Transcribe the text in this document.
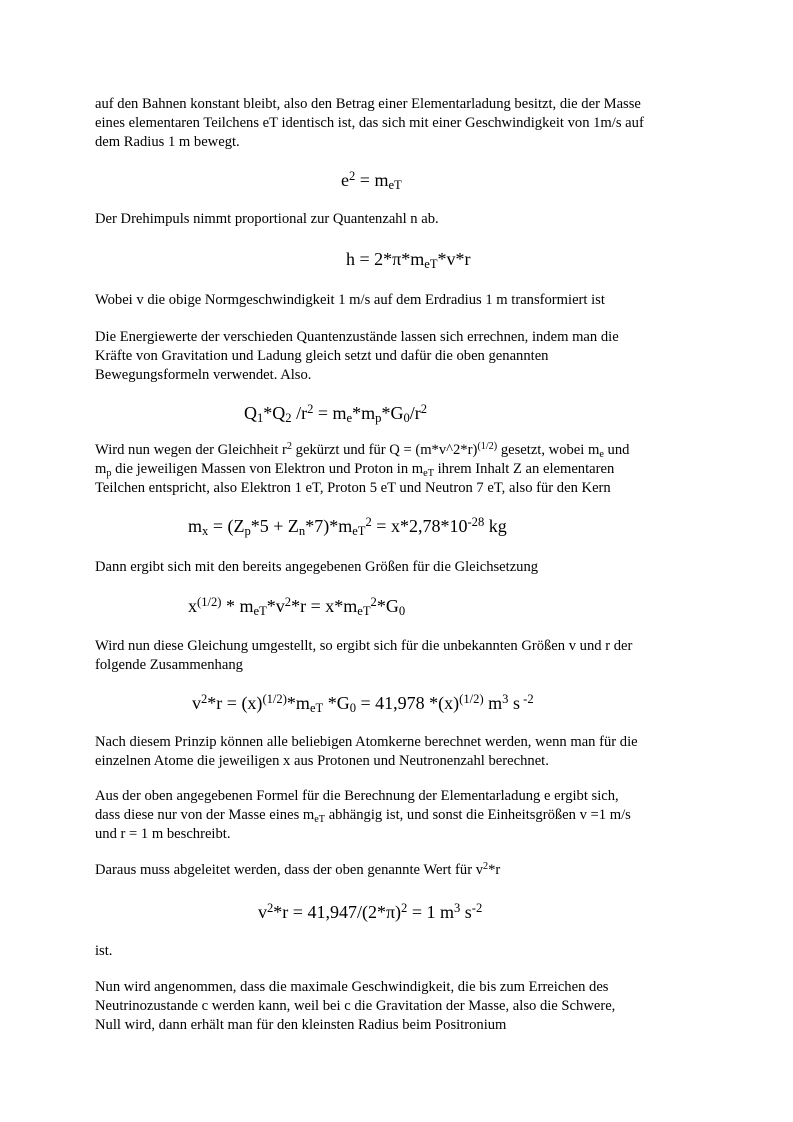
auf den Bahnen konstant bleibt, also den Betrag einer Elementarladung besitzt, die der Masse
eines elementaren Teilchens eT identisch ist, das sich mit einer Geschwindigkeit von 1m/s auf
dem Radius 1 m bewegt.

$e^2 = m_{eT}$

Der Drehimpuls nimmt proportional zur Quantenzahl n ab.

$h = 2*\pi*m_{eT}*v*r$

Wobei v die obige Normgeschwindigkeit 1 m/s auf dem Erdradius 1 m transformiert ist

Die Energiewerte der verschieden Quantenzustände lassen sich errechnen, indem man die
Kräfte von Gravitation und Ladung gleich setzt und dafür die oben genannten
Bewegungsformeln verwendet. Also.

$Q_1*Q_2$ $/r^2 = m_e*m_p*G_0/r^2$

Wird nun wegen der Gleichheit $r^2$ gekürzt und für Q = (m*v^2*r)$^{(1/2)}$ gesetzt, wobei $m_e$ und
$m_p$ die jeweiligen Massen von Elektron und Proton in $m_{eT}$ ihrem Inhalt Z an elementaren
Teilchen entspricht, also Elektron 1 eT, Proton 5 eT und Neutron 7 eT, also für den Kern

$m_x = (Z_p*5 + Z_n*7)*m_{eT}^2 = x*2,78*10^{-28}$ kg

Dann ergibt sich mit den bereits angegebenen Größen für die Gleichsetzung

$x^{(1/2)} * m_{eT}*v^2*r = x*m_{eT}^2*G_0$

Wird nun diese Gleichung umgestellt, so ergibt sich für die unbekannten Größen v und r der
folgende Zusammenhang

$v^2*r = (x)^{(1/2)}*m_{eT}$ $*G_0 = 41,978$ $*(x)^{(1/2)}$ $m^3$ s $^{-2}$

Nach diesem Prinzip können alle beliebigen Atomkerne berechnet werden, wenn man für die
einzelnen Atome die jeweiligen x aus Protonen und Neutronenzahl berechnet.

Aus der oben angegebenen Formel für die Berechnung der Elementarladung e ergibt sich,
dass diese nur von der Masse eines $m_{eT}$ abhängig ist, und sonst die Einheitsgrößen v =1 m/s
und r = 1 m beschreibt.

Daraus muss abgeleitet werden, dass der oben genannte Wert für $v^2*r$

$v^2*r = 41,947/(2*\pi)^2 = 1$ $m^3$ $s^{-2}$

ist.

Nun wird angenommen, dass die maximale Geschwindigkeit, die bis zum Erreichen des
Neutrinozustande c werden kann, weil bei c die Gravitation der Masse, also die Schwere,
Null wird, dann erhält man für den kleinsten Radius beim Positronium
